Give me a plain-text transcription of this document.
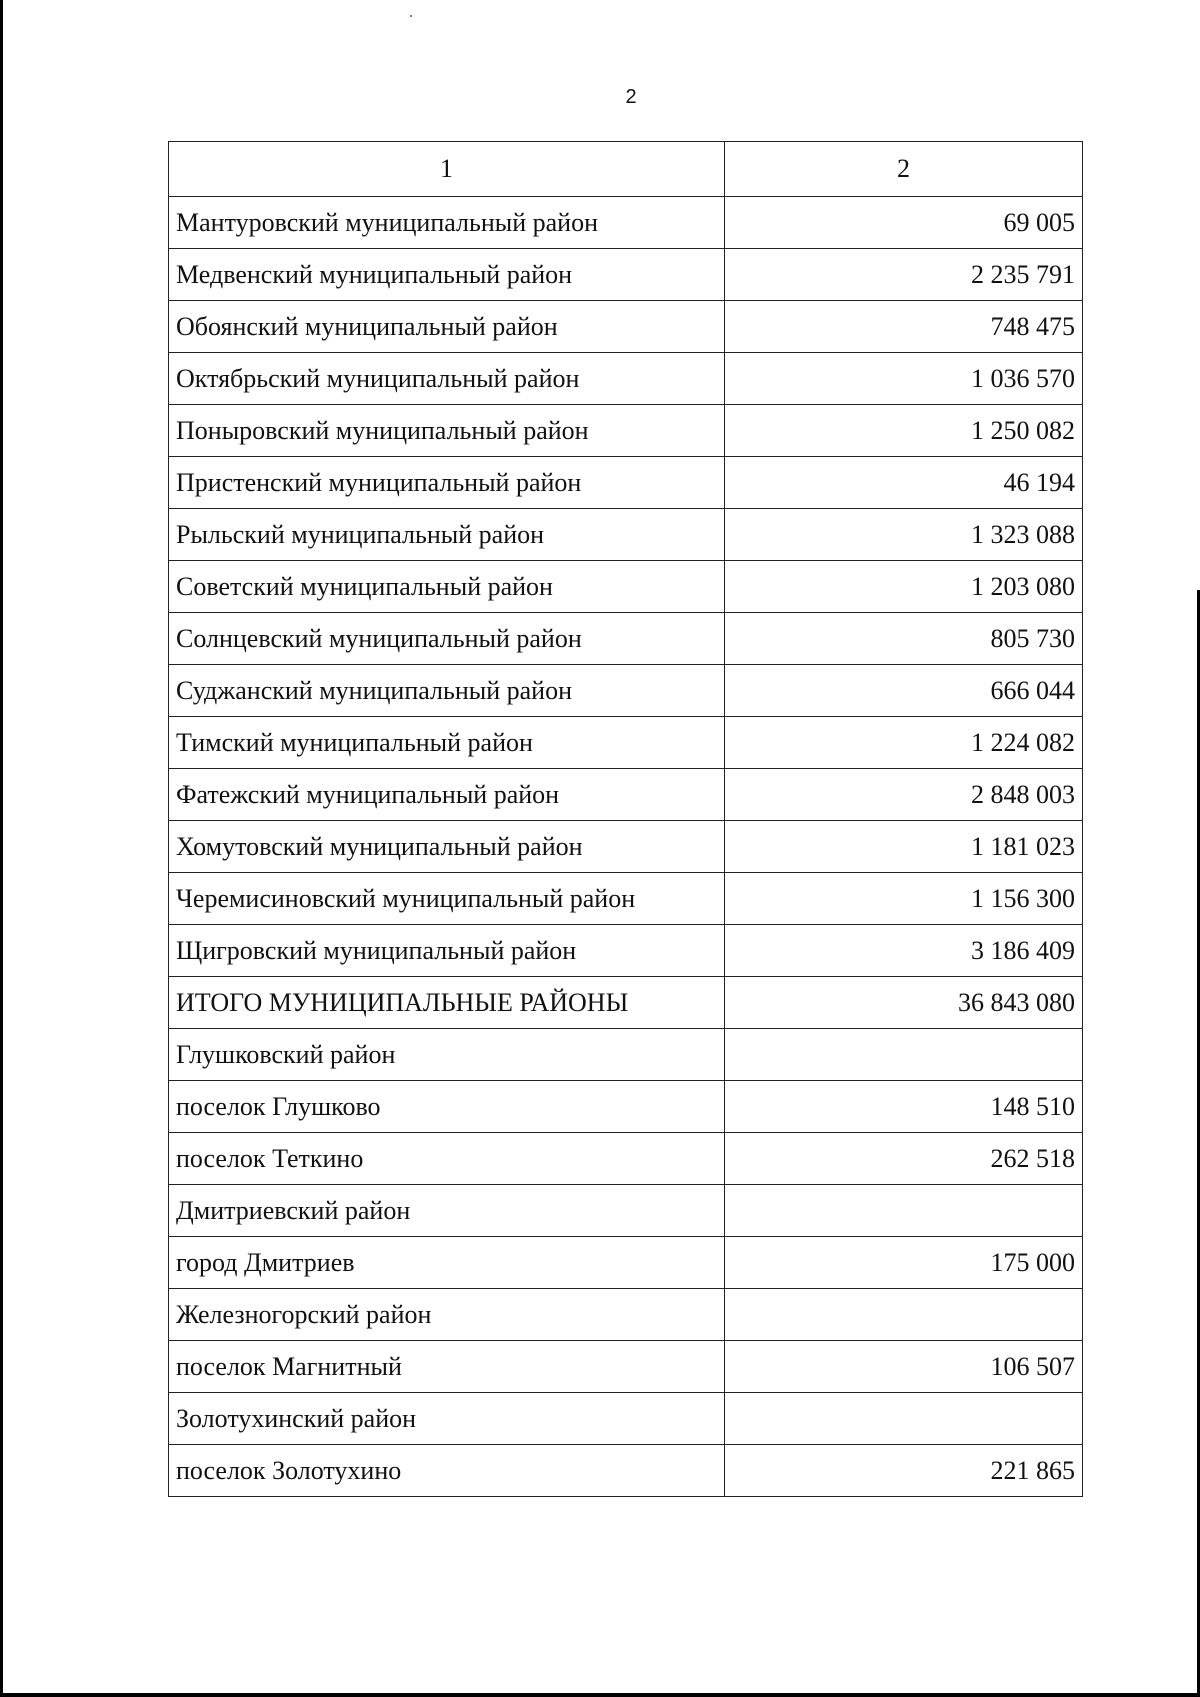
2
1	2
Мантуровский муниципальный район	69 005
Медвенский муниципальный район	2 235 791
Обоянский муниципальный район	748 475
Октябрьский муниципальный район	1 036 570
Поныровский муниципальный район	1 250 082
Пристенский муниципальный район	46 194
Рыльский муниципальный район	1 323 088
Советский муниципальный район	1 203 080
Солнцевский муниципальный район	805 730
Суджанский муниципальный район	666 044
Тимский муниципальный район	1 224 082
Фатежский муниципальный район	2 848 003
Хомутовский муниципальный район	1 181 023
Черемисиновский муниципальный район	1 156 300
Щигровский муниципальный район	3 186 409
ИТОГО МУНИЦИПАЛЬНЫЕ РАЙОНЫ	36 843 080
Глушковский район	
поселок Глушково	148 510
поселок Теткино	262 518
Дмитриевский район	
город Дмитриев	175 000
Железногорский район	
поселок Магнитный	106 507
Золотухинский район	
поселок Золотухино	221 865
